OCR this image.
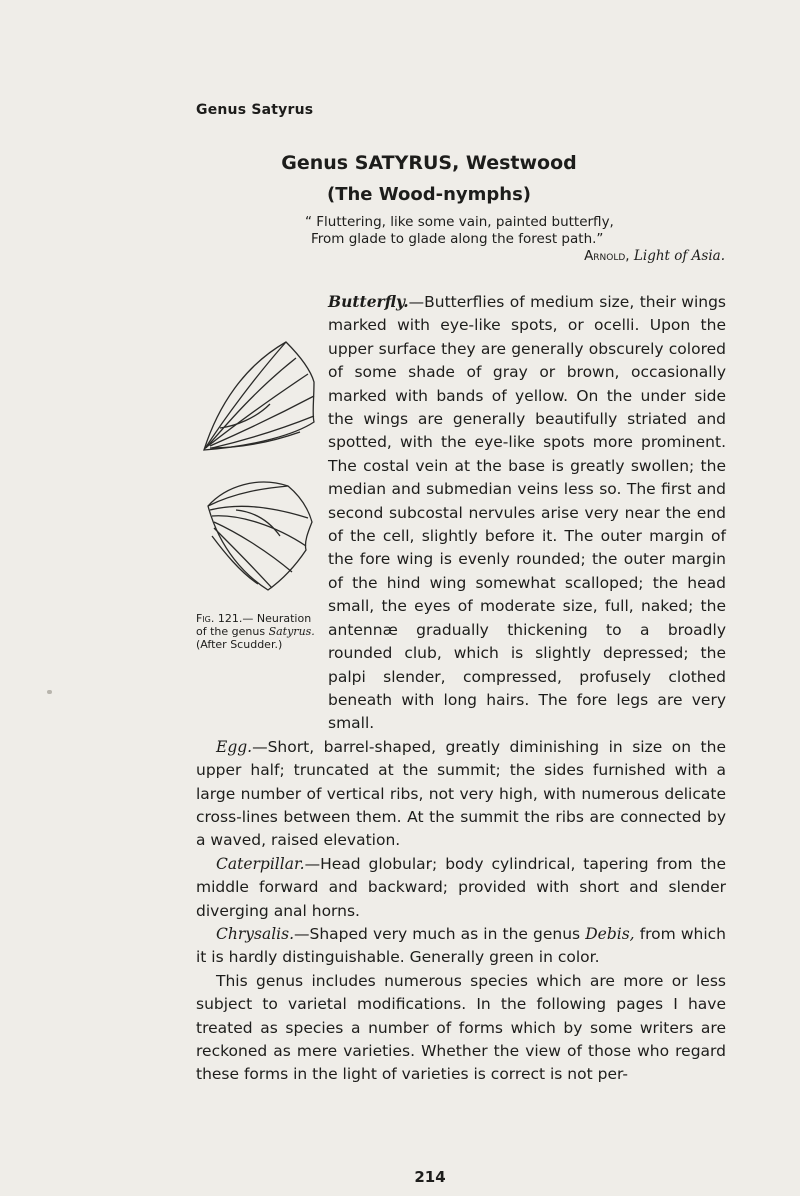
Genus Satyrus
Genus SATYRUS, Westwood
(The Wood-nymphs)
“ Fluttering, like some vain, painted butterfly,
From glade to glade along the forest path.”
Arnold, Light of Asia.

Fig. 121.— Neuration of the genus Satyrus. (After Scudder.)
Butterfly.—Butterflies of medium size, their wings marked with eye-like spots, or ocelli. Upon the upper surface they are generally obscurely colored of some shade of gray or brown, occasionally marked with bands of yellow. On the under side the wings are generally beautifully striated and spotted, with the eye-like spots more prominent. The costal vein at the base is greatly swollen; the median and submedian veins less so. The first and second subcostal nervules arise very near the end of the cell, slightly before it. The outer margin of the fore wing is evenly rounded; the outer margin of the hind wing somewhat scalloped; the head small, the eyes of moderate size, full, naked; the antennæ gradually thickening to a broadly rounded club, which is slightly depressed; the palpi slender, compressed, profusely clothed beneath with long hairs. The fore legs are very small.

Egg.—Short, barrel-shaped, greatly diminishing in size on the upper half; truncated at the summit; the sides furnished with a large number of vertical ribs, not very high, with numerous delicate cross-lines between them. At the summit the ribs are connected by a waved, raised elevation.

Caterpillar.—Head globular; body cylindrical, tapering from the middle forward and backward; provided with short and slender diverging anal horns.

Chrysalis.—Shaped very much as in the genus Debis, from which it is hardly distinguishable. Generally green in color.

This genus includes numerous species which are more or less subject to varietal modifications. In the following pages I have treated as species a number of forms which by some writers are reckoned as mere varieties. Whether the view of those who regard these forms in the light of varieties is correct is not per-

214
